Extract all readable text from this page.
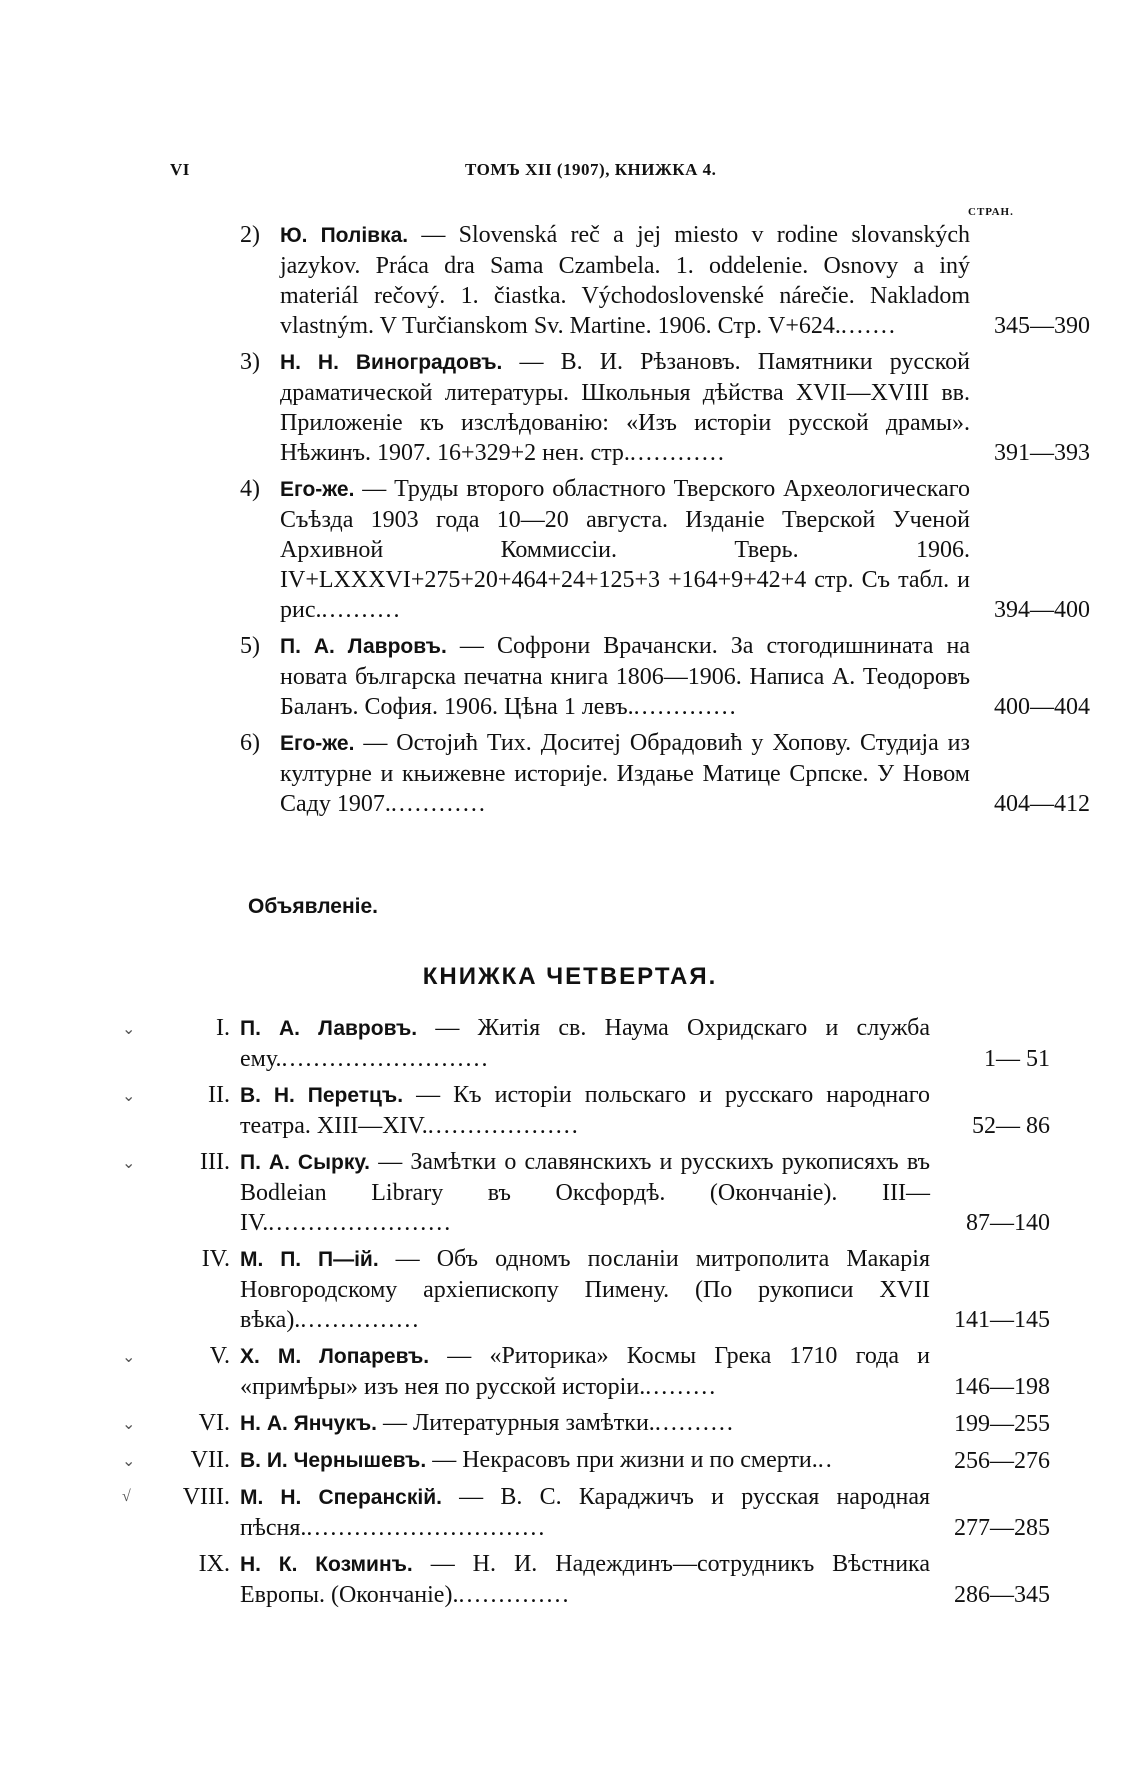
VI	ТОМЪ XII (1907), КНИЖКА 4.
СТРАН.
2) Ю. Полівка. — Slovenská reč a jej miesto v rodine slovanských jazykov. Práca dra Sama Czambela. 1. oddelenie. Osnovy a iný materiál rečový. 1. čiastka. Východoslovenské nárečie. Nakladom vlastným. V Turčianskom Sv. Martine. 1906. Стр. V+624........	345—390
3) Н. Н. Виноградовъ. — В. И. Рѣзановъ. Памятники русской драматической литературы. Школьныя дѣйства XVII—XVIII вв. Приложеніе къ изслѣдованію: «Изъ исторіи русской драмы». Нѣжинъ. 1907. 16+329+2 нен. стр.............	391—393
4) Его-же. — Труды второго областного Тверского Археологическаго Съѣзда 1903 года 10—20 августа. Изданіе Тверской Ученой Архивной Коммиссіи. Тверь. 1906. IV+LXXXVI+275+20+464+24+125+3 +164+9+42+4 стр. Съ табл. и рис...........	394—400
5) П. А. Лавровъ. — Софрони Врачански. За стогодишнината на новата българска печатна книга 1806—1906. Написа А. Теодоровъ Баланъ. София. 1906. Цѣна 1 левъ..............	400—404
6) Его-же. — Остојић Тих. Доситеј Обрадовић у Хопову. Студија из културне и књижевне историје. Издање Матице Српске. У Новом Саду 1907.............	404—412
Объявленіе.
КНИЖКА ЧЕТВЕРТАЯ.
⌄	I. П. А. Лавровъ. — Житія св. Наума Охридскаго и служба ему...........................	1— 51
⌄	II. В. Н. Перетцъ. — Къ исторіи польскаго и русскаго народнаго театра. XIII—XIV....................	52— 86
⌄	III. П. А. Сырку. — Замѣтки о славянскихъ и русскихъ рукописяхъ въ Bodleian Library въ Оксфордѣ. (Окончаніе). III—IV........................	87—140
IV. М. П. П—ій. — Объ одномъ посланіи митрополита Макарія Новгородскому архіепископу Пимену. (По рукописи XVII вѣка)................	141—145
⌄	V. Х. М. Лопаревъ. — «Риторика» Космы Грека 1710 года и «примѣры» изъ нея по русской исторіи..........	146—198
⌄	VI. Н. А. Янчукъ. — Литературныя замѣтки...........	199—255
⌄	VII. В. И. Чернышевъ. — Некрасовъ при жизни и по смерти...	256—276
√	VIII. М. Н. Сперанскій. — В. С. Караджичъ и русская народная пѣсня...............................	277—285
IX. Н. К. Козминъ. — Н. И. Надеждинъ—сотрудникъ Вѣстника Европы. (Окончаніе)...............	286—345
